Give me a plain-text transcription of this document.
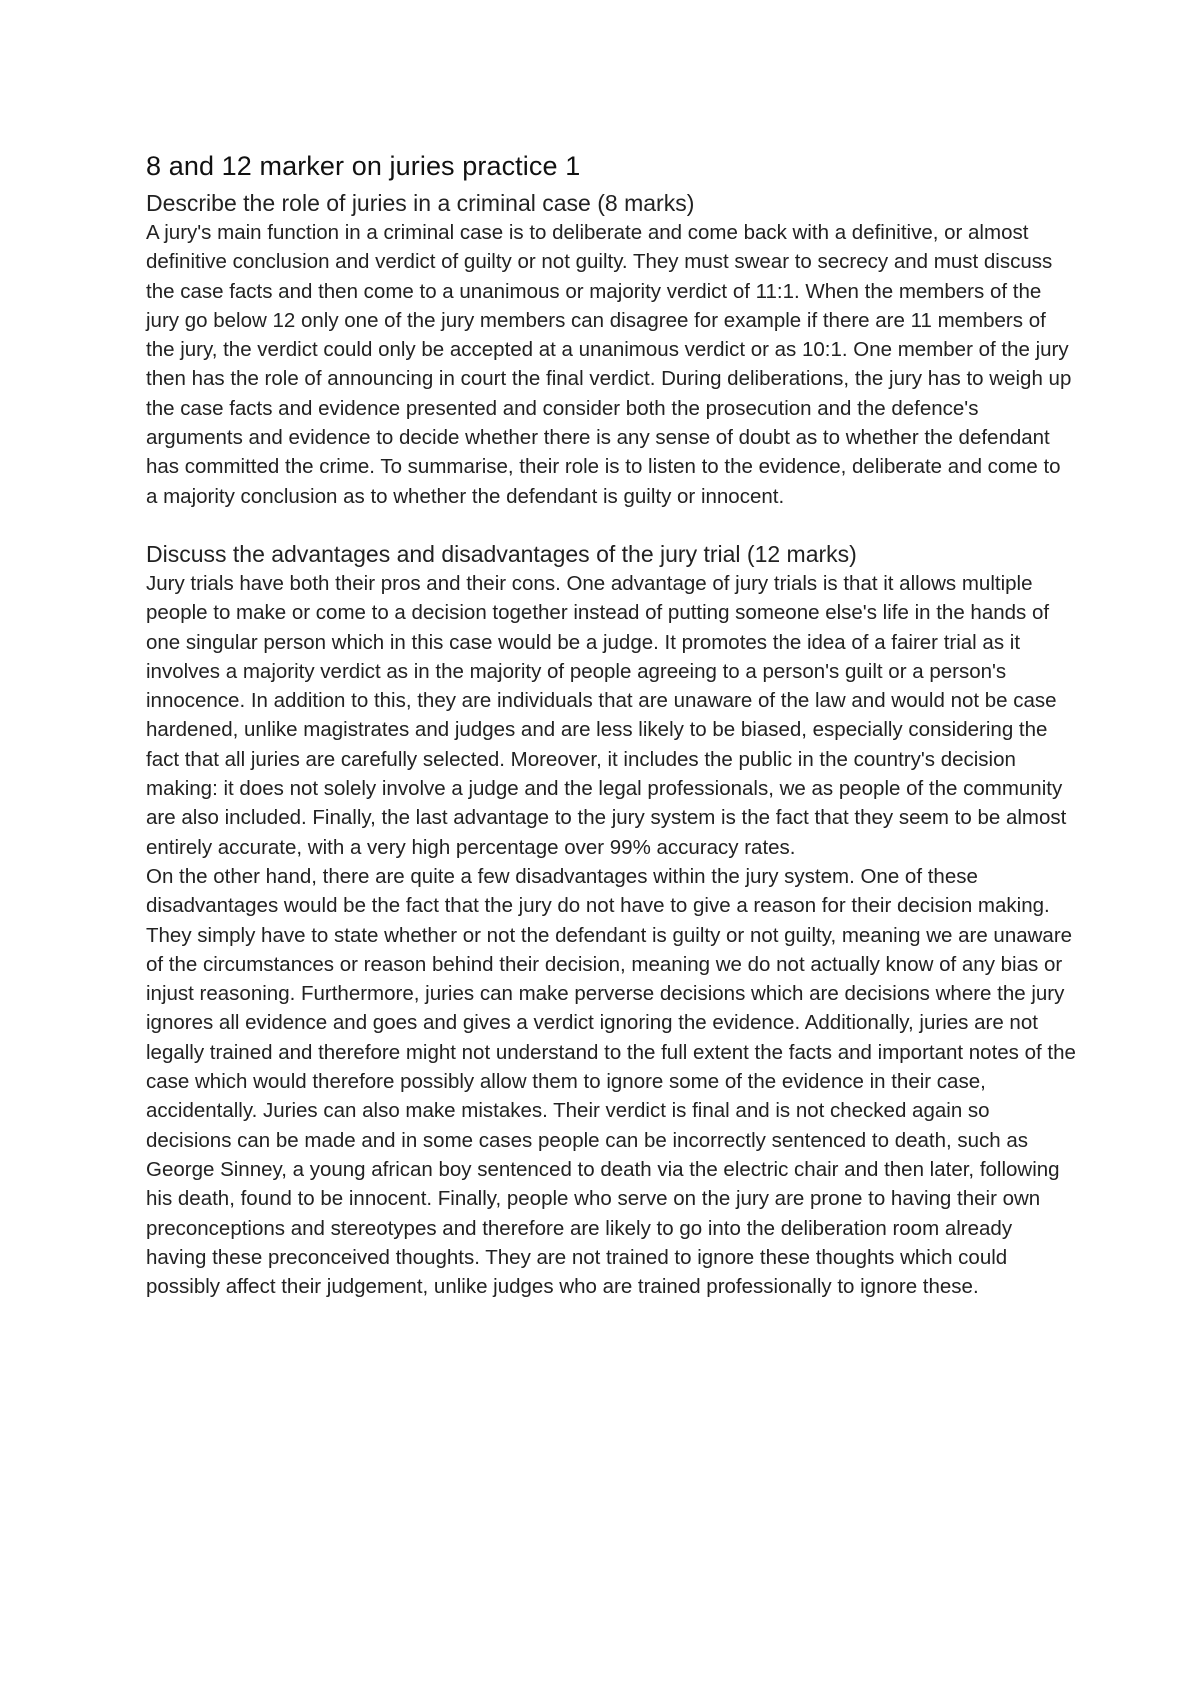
8 and 12 marker on juries practice 1
Describe the role of juries in a criminal case (8 marks)

A jury's main function in a criminal case is to deliberate and come back with a definitive, or almost definitive conclusion and verdict of guilty or not guilty. They must swear to secrecy and must discuss the case facts and then come to a unanimous or majority verdict of 11:1. When the members of the jury go below 12 only one of the jury members can disagree for example if there are 11 members of the jury, the verdict could only be accepted at a unanimous verdict or as 10:1. One member of the jury then has the role of announcing in court the final verdict. During deliberations, the jury has to weigh up the case facts and evidence presented and consider both the prosecution and the defence's arguments and evidence to decide whether there is any sense of doubt as to whether the defendant has committed the crime. To summarise, their role is to listen to the evidence, deliberate and come to a majority conclusion as to whether the defendant is guilty or innocent.

Discuss the advantages and disadvantages of the jury trial (12 marks)

Jury trials have both their pros and their cons. One advantage of jury trials is that it allows multiple people to make or come to a decision together instead of putting someone else's life in the hands of one singular person which in this case would be a judge. It promotes the idea of a fairer trial as it involves a majority verdict as in the majority of people agreeing to a person's guilt or a person's innocence. In addition to this, they are individuals that are unaware of the law and would not be case hardened, unlike magistrates and judges and are less likely to be biased, especially considering the fact that all juries are carefully selected. Moreover, it includes the public in the country's decision making: it does not solely involve a judge and the legal professionals, we as people of the community are also included. Finally, the last advantage to the jury system is the fact that they seem to be almost entirely accurate, with a very high percentage over 99% accuracy rates.

On the other hand, there are quite a few disadvantages within the jury system. One of these disadvantages would be the fact that the jury do not have to give a reason for their decision making. They simply have to state whether or not the defendant is guilty or not guilty, meaning we are unaware of the circumstances or reason behind their decision, meaning we do not actually know of any bias or injust reasoning. Furthermore, juries can make perverse decisions which are decisions where the jury ignores all evidence and goes and gives a verdict ignoring the evidence. Additionally, juries are not legally trained and therefore might not understand to the full extent the facts and important notes of the case which would therefore possibly allow them to ignore some of the evidence in their case, accidentally. Juries can also make mistakes. Their verdict is final and is not checked again so decisions can be made and in some cases people can be incorrectly sentenced to death, such as George Sinney, a young african boy sentenced to death via the electric chair and then later, following his death, found to be innocent. Finally, people who serve on the jury are prone to having their own preconceptions and stereotypes and therefore are likely to go into the deliberation room already having these preconceived thoughts. They are not trained to ignore these thoughts which could possibly affect their judgement, unlike judges who are trained professionally to ignore these.
